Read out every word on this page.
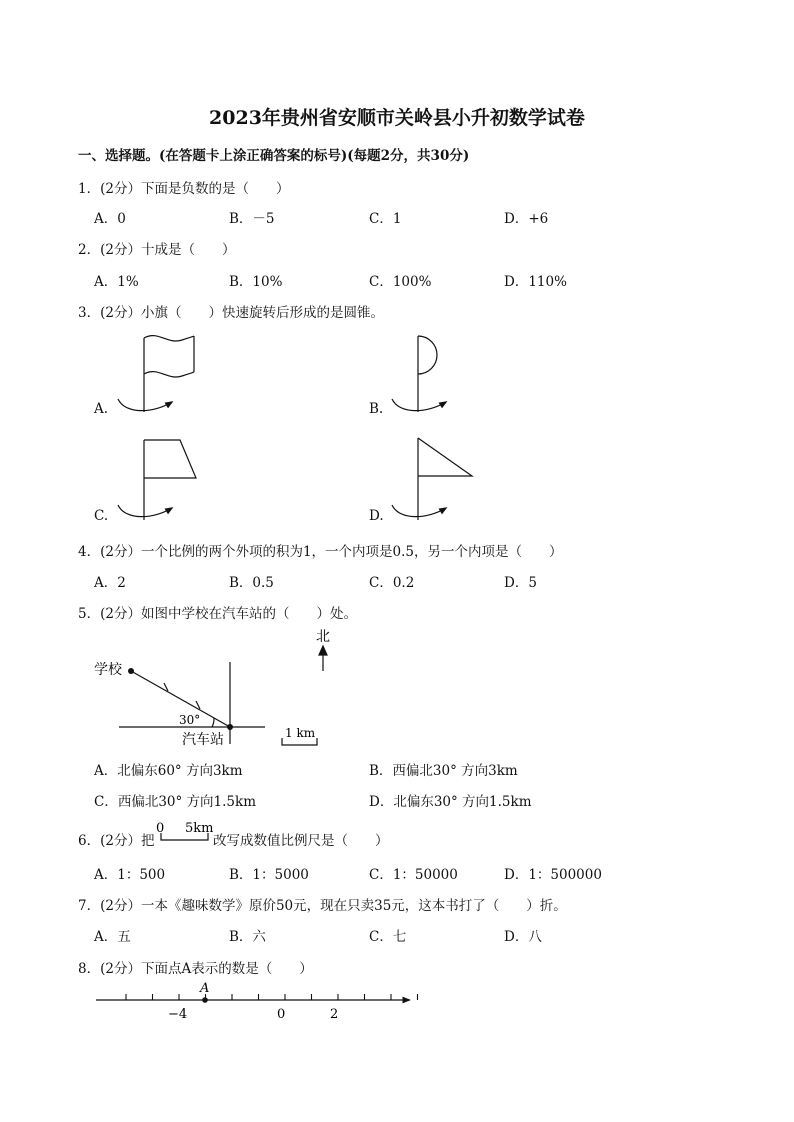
2023年贵州省安顺市关岭县小升初数学试卷
一、选择题。(在答题卡上涂正确答案的标号)(每题2分，共30分)
1．(2分）下面是负数的是（　　）
A．0	B．－5	C．1	D．+6
2．(2分）十成是（　　）
A．1%	B．10%	C．100%	D．110%
3．(2分）小旗（　　）快速旋转后形成的是圆锥。
A.	B.
C.	D.
4．(2分）一个比例的两个外项的积为1，一个内项是0.5，另一个内项是（　　）
A．2	B．0.5	C．0.2	D．5
5．(2分）如图中学校在汽车站的（　　）处。
北
学校
30°
汽车站	1 km
A．北偏东60° 方向3km	B．西偏北30° 方向3km
C．西偏北30° 方向1.5km	D．北偏东30° 方向1.5km
6．(2分）把
0 5km
改写成数值比例尺是（　　）
A．1：500	B．1：5000	C．1：50000	D．1：500000
7．(2分）一本《趣味数学》原价50元，现在只卖35元，这本书打了（　　）折。
A．五	B．六	C．七	D．八
8．(2分）下面点A表示的数是（　　）
A
−4	0	2
